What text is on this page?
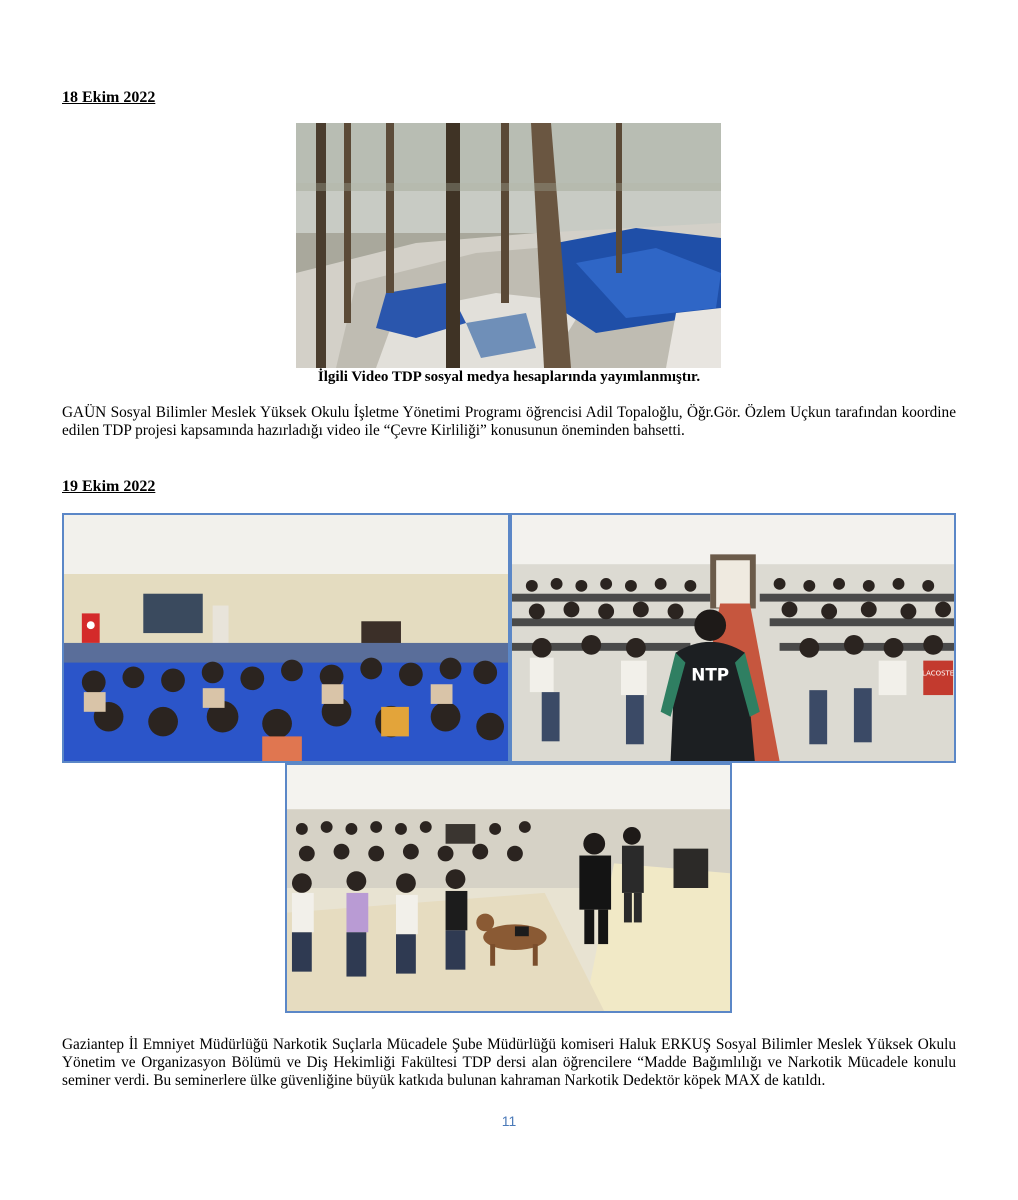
18 Ekim 2022
İlgili Video TDP sosyal medya hesaplarında yayımlanmıştır.

GAÜN Sosyal Bilimler Meslek Yüksek Okulu İşletme Yönetimi Programı öğrencisi Adil Topaloğlu, Öğr.Gör. Özlem Uçkun tarafından koordine edilen TDP projesi kapsamında hazırladığı video ile “Çevre Kirliliği” konusunun öneminden bahsetti.

19 Ekim 2022
LACOSTE
NTP

Gaziantep İl Emniyet Müdürlüğü Narkotik Suçlarla Mücadele Şube Müdürlüğü komiseri Haluk ERKUŞ Sosyal Bilimler Meslek Yüksek Okulu Yönetim ve Organizasyon Bölümü ve Diş Hekimliği Fakültesi TDP dersi alan öğrencilere “Madde Bağımlılığı ve Narkotik Mücadele konulu seminer verdi. Bu seminerlere ülke güvenliğine büyük katkıda bulunan kahraman Narkotik Dedektör köpek MAX de katıldı.

11
